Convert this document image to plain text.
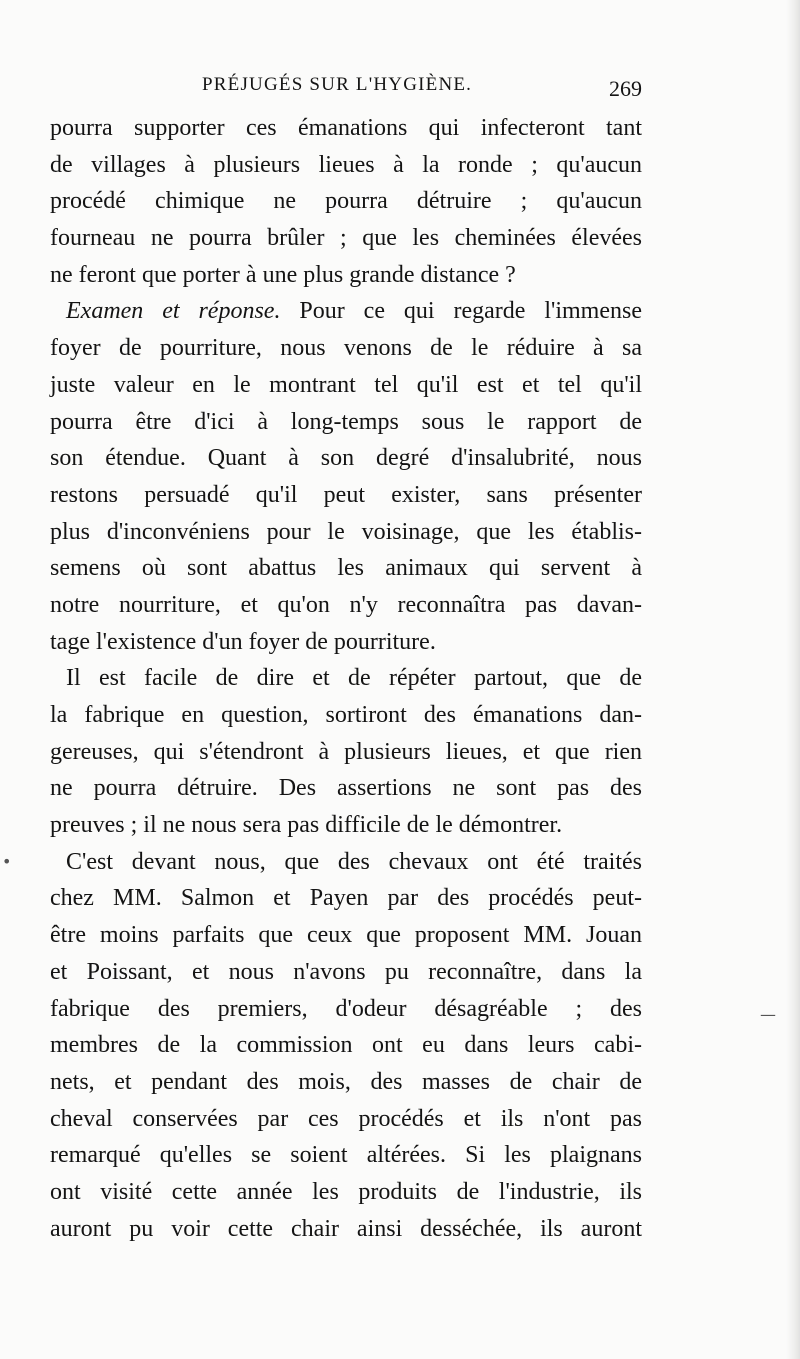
PRÉJUGÉS SUR L'HYGIÈNE.	269
pourra supporter ces émanations qui infecteront tant
de villages à plusieurs lieues à la ronde ; qu'aucun
procédé chimique ne pourra détruire ; qu'aucun
fourneau ne pourra brûler ; que les cheminées élevées
ne feront que porter à une plus grande distance ?
Examen et réponse. Pour ce qui regarde l'immense
foyer de pourriture, nous venons de le réduire à sa
juste valeur en le montrant tel qu'il est et tel qu'il
pourra être d'ici à long-temps sous le rapport de
son étendue. Quant à son degré d'insalubrité, nous
restons persuadé qu'il peut exister, sans présenter
plus d'inconvéniens pour le voisinage, que les établis-
semens où sont abattus les animaux qui servent à
notre nourriture, et qu'on n'y reconnaîtra pas davan-
tage l'existence d'un foyer de pourriture.
Il est facile de dire et de répéter partout, que de
la fabrique en question, sortiront des émanations dan-
gereuses, qui s'étendront à plusieurs lieues, et que rien
ne pourra détruire. Des assertions ne sont pas des
preuves ; il ne nous sera pas difficile de le démontrer.
C'est devant nous, que des chevaux ont été traités
chez MM. Salmon et Payen par des procédés peut-
être moins parfaits que ceux que proposent MM. Jouan
et Poissant, et nous n'avons pu reconnaître, dans la
fabrique des premiers, d'odeur désagréable ; des
membres de la commission ont eu dans leurs cabi-
nets, et pendant des mois, des masses de chair de
cheval conservées par ces procédés et ils n'ont pas
remarqué qu'elles se soient altérées. Si les plaignans
ont visité cette année les produits de l'industrie, ils
auront pu voir cette chair ainsi desséchée, ils auront
•
—
